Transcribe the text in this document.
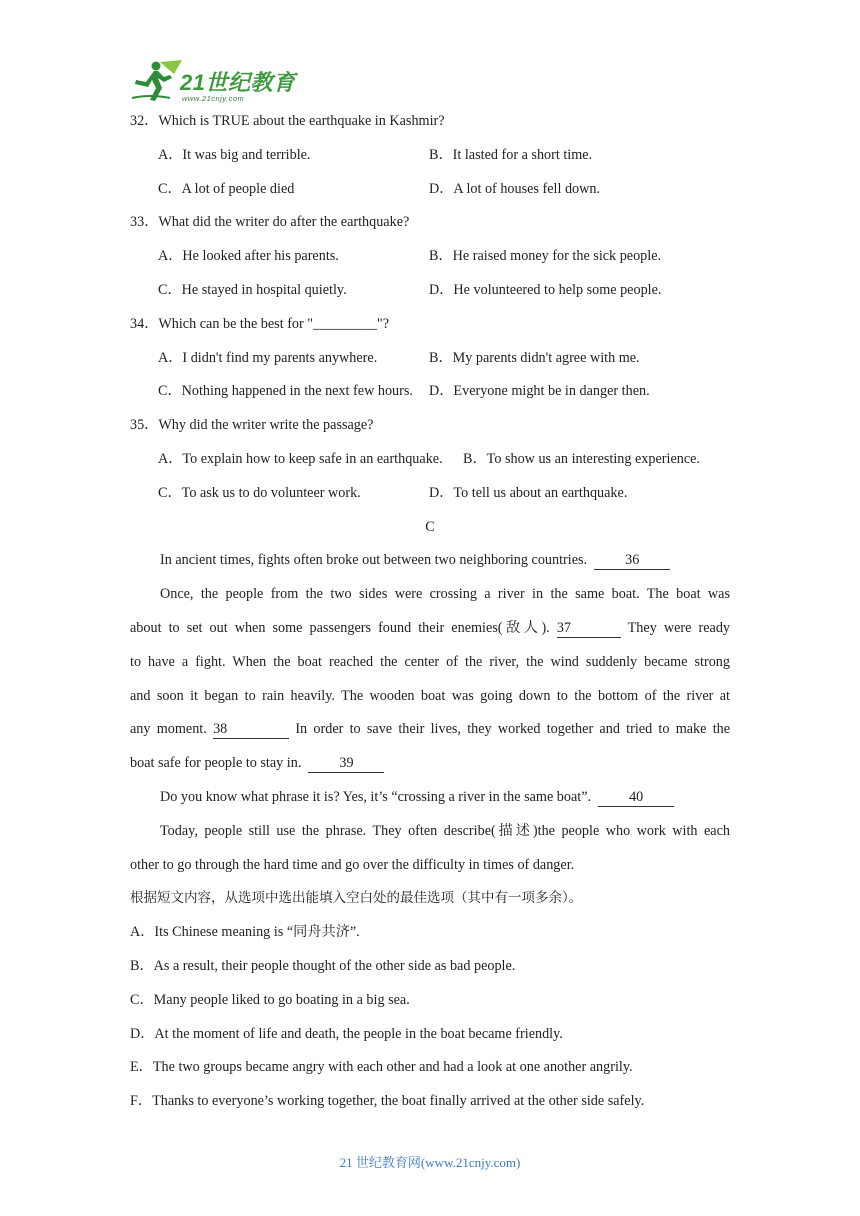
21世纪教育
www.21cnjy.com
32．Which is TRUE about the earthquake in Kashmir?
A．It was big and terrible.	B．It lasted for a short time.
C．A lot of people died	D．A lot of houses fell down.
33．What did the writer do after the earthquake?
A．He looked after his parents.	B．He raised money for the sick people.
C．He stayed in hospital quietly.	D．He volunteered to help some people.
34．Which can be the best for "_________"?
A．I didn't find my parents anywhere.	B．My parents didn't agree with me.
C．Nothing happened in the next few hours. D．Everyone might be in danger then.
35．Why did the writer write the passage?
A．To explain how to keep safe in an earthquake. B．To show us an interesting experience.
C．To ask us to do volunteer work.	D．To tell us about an earthquake.
C
In ancient times, fights often broke out between two neighboring countries.	36
Once, the people from the two sides were crossing a river in the same boat. The boat was
about to set out when some passengers found their enemies(敌人). 37	They were ready
to have a fight. When the boat reached the center of the river, the wind suddenly became strong
and soon it began to rain heavily. The wooden boat was going down to the bottom of the river at
any moment. 38	In order to save their lives, they worked together and tried to make the
boat safe for people to stay in.	39
Do you know what phrase it is? Yes, it’s “crossing a river in the same boat”.	40
Today, people still use the phrase. They often describe(描述)the people who work with each
other to go through the hard time and go over the difficulty in times of danger.
根据短文内容，从选项中选出能填入空白处的最佳选项（其中有一项多余）。
A．Its Chinese meaning is “同舟共济”.
B．As a result, their people thought of the other side as bad people.
C．Many people liked to go boating in a big sea.
D．At the moment of life and death, the people in the boat became friendly.
E．The two groups became angry with each other and had a look at one another angrily.
F．Thanks to everyone’s working together, the boat finally arrived at the other side safely.
21 世纪教育网(www.21cnjy.com)
